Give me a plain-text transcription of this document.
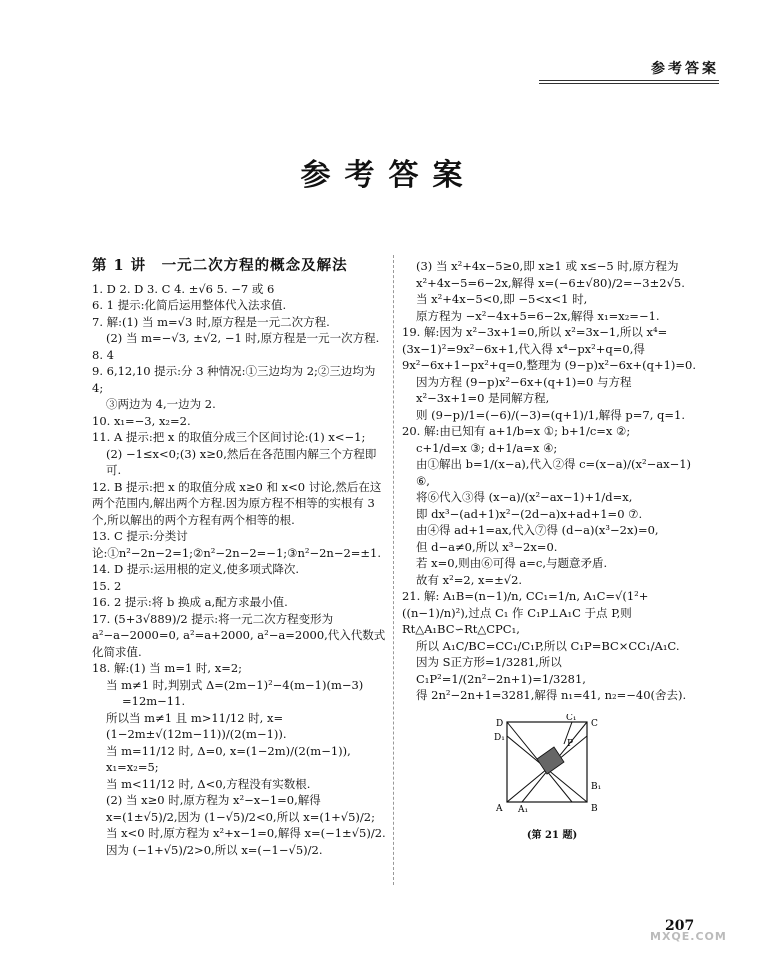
参考答案
参考答案

第 1 讲　一元二次方程的概念及解法

1. D 2. D 3. C 4. ±√6 5. −7 或 6

6. 1 提示:化简后运用整体代入法求值.

7. 解:(1) 当 m=√3 时,原方程是一元二次方程.

(2) 当 m=−√3, ±√2, −1 时,原方程是一元一次方程.

8. 4

9. 6,12,10 提示:分 3 种情况:①三边均为 2;②三边均为 4;

③两边为 4,一边为 2.

10. x₁=−3, x₂=2.

11. A 提示:把 x 的取值分成三个区间讨论:(1) x<−1;

(2) −1≤x<0;(3) x≥0,然后在各范围内解三个方程即可.

12. B 提示:把 x 的取值分成 x≥0 和 x<0 讨论,然后在这两个范围内,解出两个方程.因为原方程不相等的实根有 3 个,所以解出的两个方程有两个相等的根.

13. C 提示:分类讨论:①n²−2n−2=1;②n²−2n−2=−1;③n²−2n−2=±1.

14. D 提示:运用根的定义,使多项式降次.

15. 2

16. 2 提示:将 b 换成 a,配方求最小值.

17. (5+3√889)/2 提示:将一元二次方程变形为 a²−a−2000=0, a²=a+2000, a²−a=2000,代入代数式化简求值.

18. 解:(1) 当 m=1 时, x=2;

当 m≠1 时,判别式 Δ=(2m−1)²−4(m−1)(m−3)

=12m−11.

所以当 m≠1 且 m>11/12 时, x=(1−2m±√(12m−11))/(2(m−1)).

当 m=11/12 时, Δ=0, x=(1−2m)/(2(m−1)), x₁=x₂=5;

当 m<11/12 时, Δ<0,方程没有实数根.

(2) 当 x≥0 时,原方程为 x²−x−1=0,解得

x=(1±√5)/2,因为 (1−√5)/2<0,所以 x=(1+√5)/2;

当 x<0 时,原方程为 x²+x−1=0,解得 x=(−1±√5)/2.

因为 (−1+√5)/2>0,所以 x=(−1−√5)/2.

(3) 当 x²+4x−5≥0,即 x≥1 或 x≤−5 时,原方程为

x²+4x−5=6−2x,解得 x=(−6±√80)/2=−3±2√5.

当 x²+4x−5<0,即 −5<x<1 时,

原方程为 −x²−4x+5=6−2x,解得 x₁=x₂=−1.

19. 解:因为 x²−3x+1=0,所以 x²=3x−1,所以 x⁴=(3x−1)²=9x²−6x+1,代入得 x⁴−px²+q=0,得 9x²−6x+1−px²+q=0,整理为 (9−p)x²−6x+(q+1)=0.

因为方程 (9−p)x²−6x+(q+1)=0 与方程 x²−3x+1=0 是同解方程,

则 (9−p)/1=(−6)/(−3)=(q+1)/1,解得 p=7, q=1.

20. 解:由已知有 a+1/b=x ①; b+1/c=x ②;

c+1/d=x ③; d+1/a=x ④;

由①解出 b=1/(x−a),代入②得 c=(x−a)/(x²−ax−1) ⑥,

将⑥代入③得 (x−a)/(x²−ax−1)+1/d=x,

即 dx³−(ad+1)x²−(2d−a)x+ad+1=0 ⑦.

由④得 ad+1=ax,代入⑦得 (d−a)(x³−2x)=0,

但 d−a≠0,所以 x³−2x=0.

若 x=0,则由⑥可得 a=c,与题意矛盾.

故有 x²=2, x=±√2.

21. 解: A₁B=(n−1)/n, CC₁=1/n, A₁C=√(1²+((n−1)/n)²),过点 C₁ 作 C₁P⊥A₁C 于点 P,则 Rt△A₁BC∽Rt△CPC₁,

所以 A₁C/BC=CC₁/C₁P,所以 C₁P=BC×CC₁/A₁C.

因为 S正方形=1/3281,所以 C₁P²=1/(2n²−2n+1)=1/3281,

得 2n²−2n+1=3281,解得 n₁=41, n₂=−40(舍去).

D
C₁
C
D₁
P
B₁
A A₁	B
(第 21 题)
207
MXQE.COM
